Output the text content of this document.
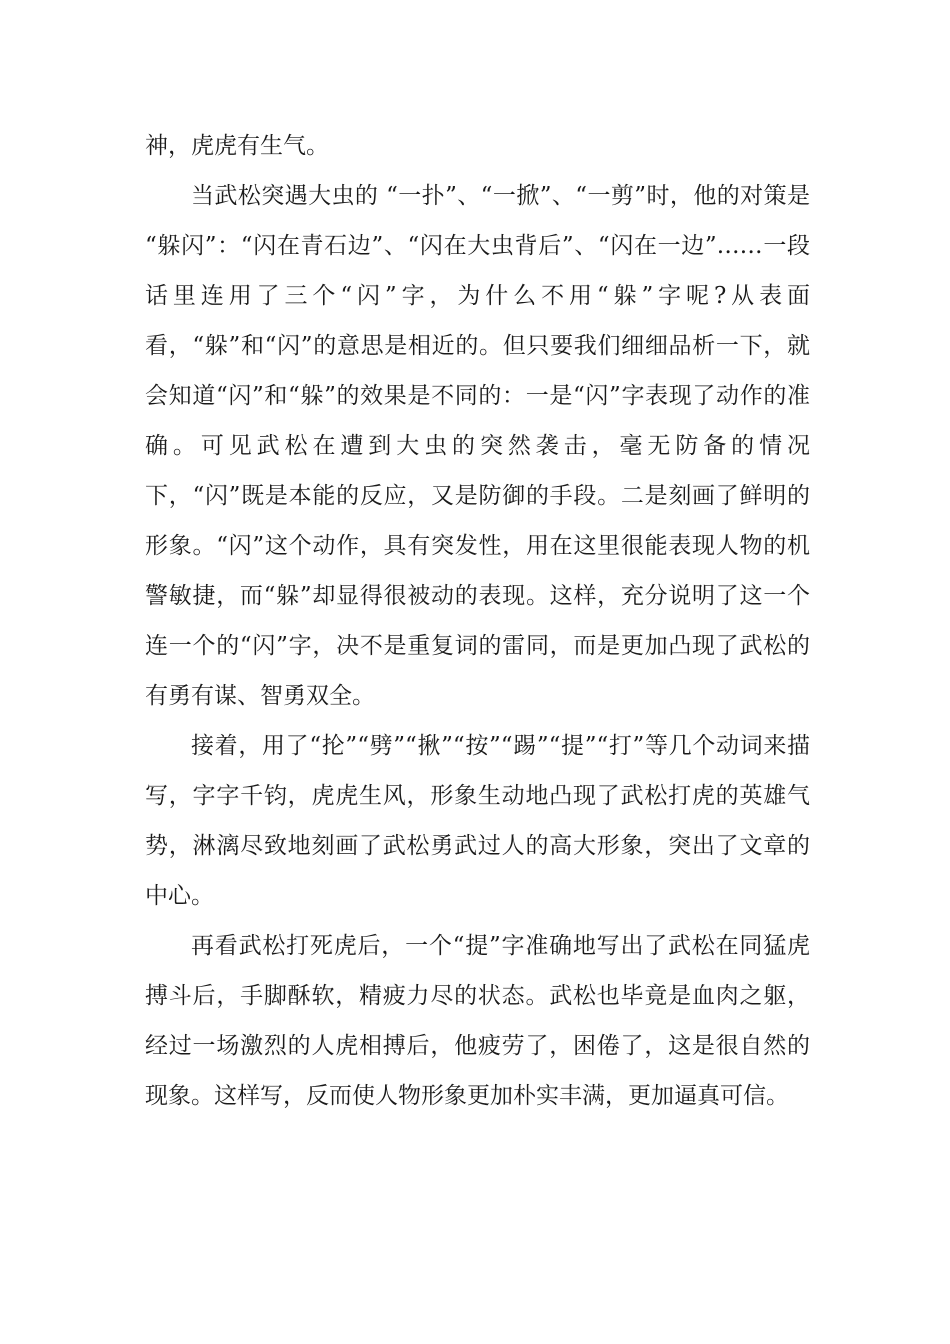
神，虎虎有生气。

当武松突遇大虫的 “一扑”、“一掀”、“一剪”时，他的对策是 “躲闪”：“闪在青石边”、“闪在大虫背后”、“闪在一边”……一段话里连用了三个“闪”字，为什么不用“躲”字呢?从表面看，“躲”和“闪”的意思是相近的。但只要我们细细品析一下，就会知道“闪”和“躲”的效果是不同的：一是“闪”字表现了动作的准确。可见武松在遭到大虫的突然袭击，毫无防备的情况下，“闪”既是本能的反应，又是防御的手段。二是刻画了鲜明的形象。“闪”这个动作，具有突发性，用在这里很能表现人物的机警敏捷，而“躲”却显得很被动的表现。这样，充分说明了这一个连一个的“闪”字，决不是重复词的雷同，而是更加凸现了武松的有勇有谋、智勇双全。

接着，用了“抡”“劈”“揪”“按”“踢”“提”“打”等几个动词来描写，字字千钧，虎虎生风，形象生动地凸现了武松打虎的英雄气势，淋漓尽致地刻画了武松勇武过人的高大形象，突出了文章的中心。

再看武松打死虎后，一个“提”字准确地写出了武松在同猛虎搏斗后，手脚酥软，精疲力尽的状态。武松也毕竟是血肉之躯，经过一场激烈的人虎相搏后，他疲劳了，困倦了，这是很自然的现象。这样写，反而使人物形象更加朴实丰满，更加逼真可信。
